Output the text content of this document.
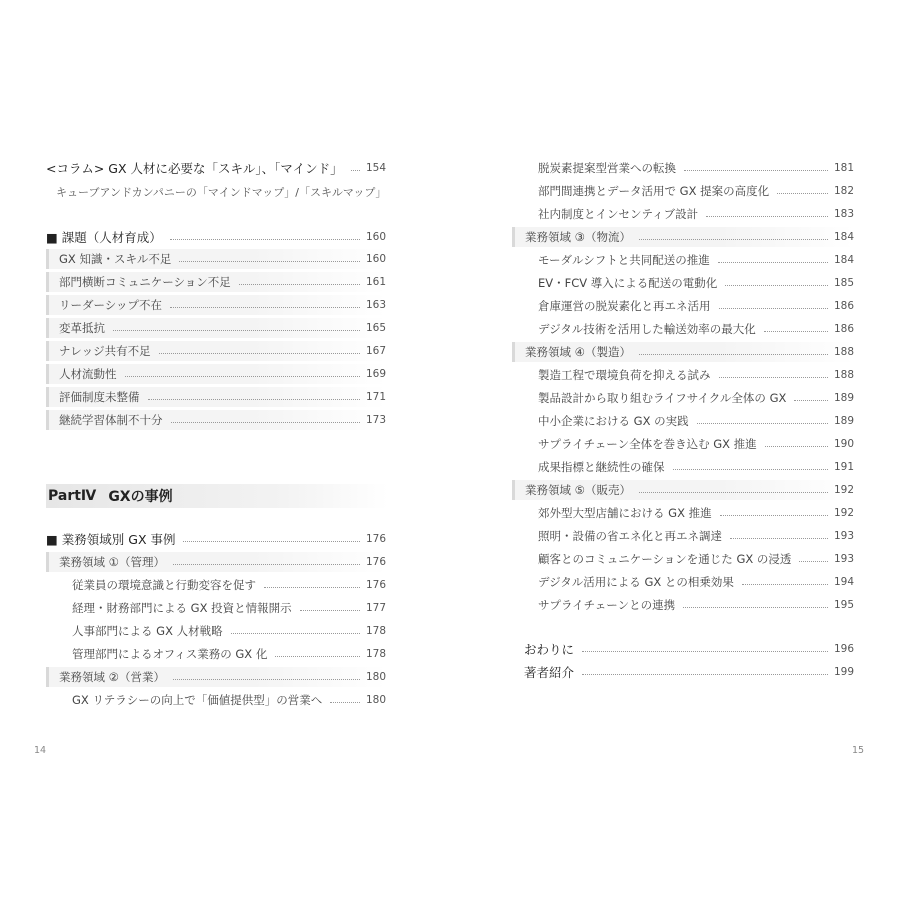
<コラム> GX 人材に必要な「スキル」、「マインド」 154
キューブアンドカンパニーの「マインドマップ」/「スキルマップ」
■ 課題（人材育成）	160
GX 知識・スキル不足	160
部門横断コミュニケーション不足	161
リーダーシップ不在	163
変革抵抗	165
ナレッジ共有不足	167
人材流動性	169
評価制度未整備	171
継続学習体制不十分	173
PartⅣ GXの事例
■ 業務領域別 GX 事例	176
業務領域 ①（管理）	176
従業員の環境意識と行動変容を促す	176
経理・財務部門による GX 投資と情報開示	177
人事部門による GX 人材戦略	178
管理部門によるオフィス業務の GX 化	178
業務領域 ②（営業）	180
GX リテラシーの向上で「価値提供型」の営業へ	180
14
脱炭素提案型営業への転換	181
部門間連携とデータ活用で GX 提案の高度化	182
社内制度とインセンティブ設計	183
業務領域 ③（物流）	184
モーダルシフトと共同配送の推進	184
EV・FCV 導入による配送の電動化	185
倉庫運営の脱炭素化と再エネ活用	186
デジタル技術を活用した輸送効率の最大化	186
業務領域 ④（製造）	188
製造工程で環境負荷を抑える試み	188
製品設計から取り組むライフサイクル全体の GX	189
中小企業における GX の実践	189
サプライチェーン全体を巻き込む GX 推進	190
成果指標と継続性の確保	191
業務領域 ⑤（販売）	192
郊外型大型店舗における GX 推進	192
照明・設備の省エネ化と再エネ調達	193
顧客とのコミュニケーションを通じた GX の浸透	193
デジタル活用による GX との相乗効果	194
サプライチェーンとの連携	195
おわりに	196
著者紹介	199
15
